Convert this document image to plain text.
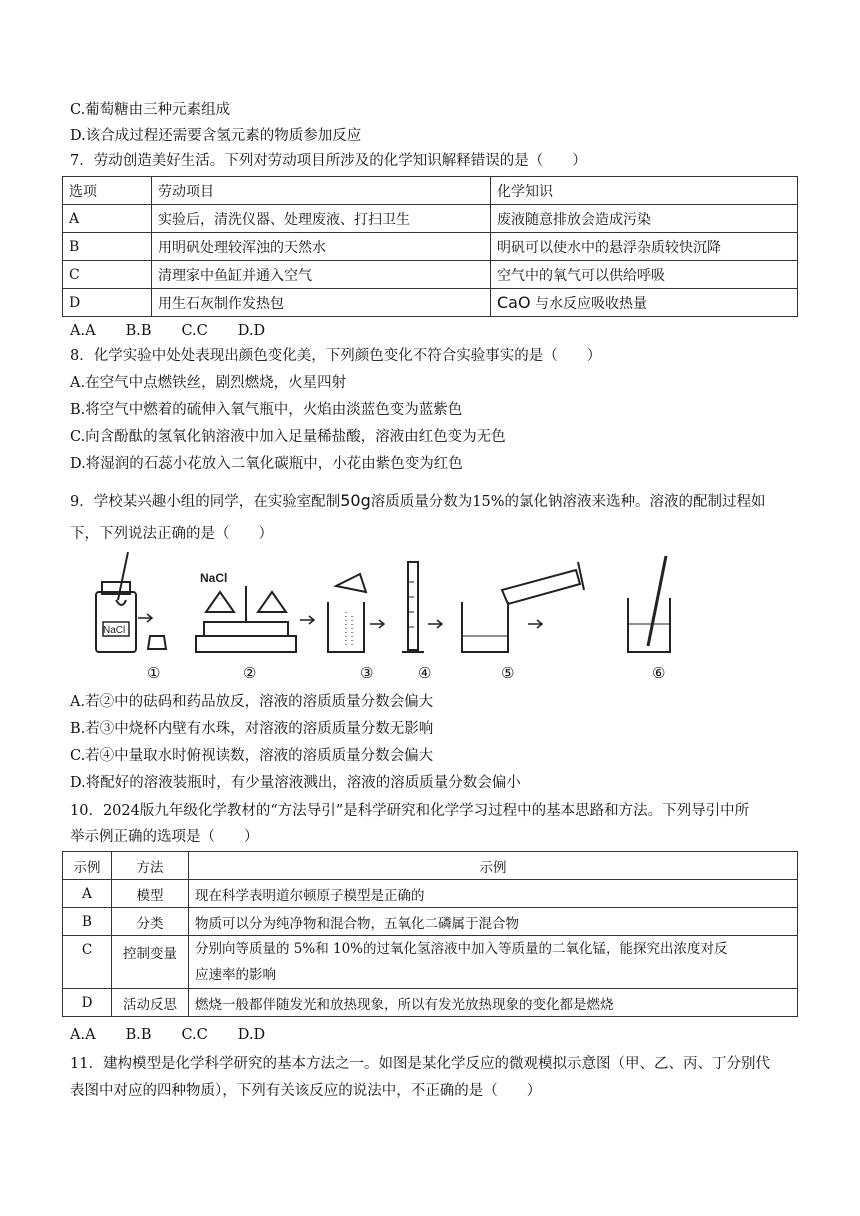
C.葡萄糖由三种元素组成
D.该合成过程还需要含氢元素的物质参加反应
7．劳动创造美好生活。下列对劳动项目所涉及的化学知识解释错误的是（　　）
选项	劳动项目	化学知识
A	实验后，清洗仪器、处理废液、打扫卫生	废液随意排放会造成污染
B	用明矾处理较浑浊的天然水	明矾可以使水中的悬浮杂质较快沉降
C	清理家中鱼缸并通入空气	空气中的氧气可以供给呼吸
D	用生石灰制作发热包	CaO 与水反应吸收热量
A.A B.B C.C D.D
8．化学实验中处处表现出颜色变化美，下列颜色变化不符合实验事实的是（　　）
A.在空气中点燃铁丝，剧烈燃烧，火星四射
B.将空气中燃着的硫伸入氧气瓶中，火焰由淡蓝色变为蓝紫色
C.向含酚酞的氢氧化钠溶液中加入足量稀盐酸，溶液由红色变为无色
D.将湿润的石蕊小花放入二氧化碳瓶中，小花由紫色变为红色
9．学校某兴趣小组的同学，在实验室配制50g溶质质量分数为15%的氯化钠溶液来选种。溶液的配制过程如
下，下列说法正确的是（　　）
NaCl
NaCl
①	②	③	④	⑤	⑥
A.若②中的砝码和药品放反，溶液的溶质质量分数会偏大
B.若③中烧杯内壁有水珠，对溶液的溶质质量分数无影响
C.若④中量取水时俯视读数，溶液的溶质质量分数会偏大
D.将配好的溶液装瓶时，有少量溶液溅出，溶液的溶质质量分数会偏小
10．2024版九年级化学教材的“方法导引”是科学研究和化学学习过程中的基本思路和方法。下列导引中所
举示例正确的选项是（　　）
示例	方法	示例
A	模型	现在科学表明道尔顿原子模型是正确的
B	分类	物质可以分为纯净物和混合物，五氧化二磷属于混合物
C	控制变量	分别向等质量的 5%和 10%的过氧化氢溶液中加入等质量的二氧化锰，能探究出浓度对反
应速率的影响

D	活动反思	燃烧一般都伴随发光和放热现象，所以有发光放热现象的变化都是燃烧
A.A B.B C.C D.D
11．建构模型是化学科学研究的基本方法之一。如图是某化学反应的微观模拟示意图（甲、乙、丙、丁分别代
表图中对应的四种物质），下列有关该反应的说法中，不正确的是（　　）
